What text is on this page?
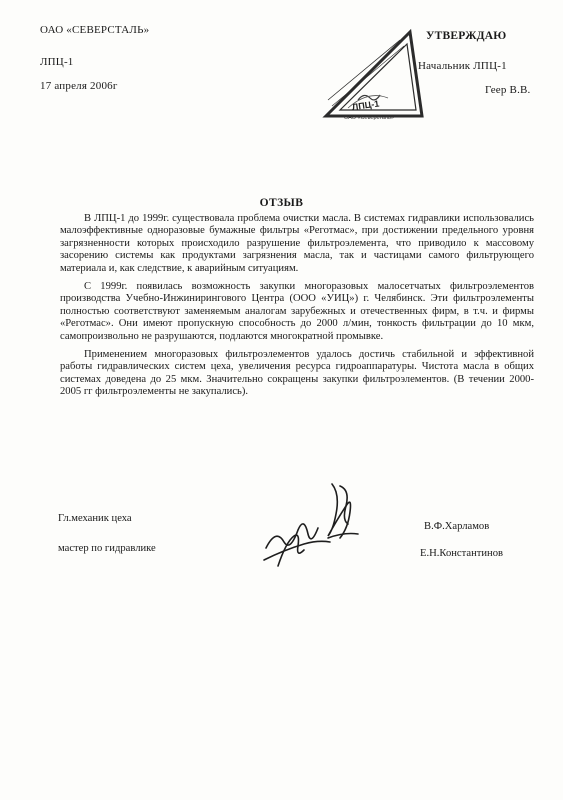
ОАО «СЕВЕРСТАЛЬ»
ЛПЦ-1
17 апреля 2006г
УТВЕРЖДАЮ
Начальник ЛПЦ-1
Геер В.В.
ЛПЦ-1
ОАО «Северсталь»
ОТЗЫВ

В ЛПЦ-1 до 1999г. существовала проблема очистки масла. В системах гидравлики использовались малоэффективные одноразовые бумажные фильтры «Реготмас», при достижении предельного уровня загрязненности которых происходило разрушение фильтроэлемента, что приводило к массовому засорению системы как продуктами загрязнения масла, так и частицами самого фильтрующего материала и, как следствие, к аварийным ситуациям.

С 1999г. появилась возможность закупки многоразовых малосетчатых фильтроэлементов производства Учебно-Инжинирингового Центра (ООО «УИЦ») г. Челябинск. Эти фильтроэлементы полностью соответствуют заменяемым аналогам зарубежных и отечественных фирм, в т.ч. и фирмы «Реготмас». Они имеют пропускную способность до 2000 л/мин, тонкость фильтрации до 10 мкм, самопроизвольно не разрушаются, подлаются многократной промывке.

Применением многоразовых фильтроэлементов удалось достичь стабильной и эффективной работы гидравлических систем цеха, увеличения ресурса гидроаппаратуры. Чистота масла в общих системах доведена до 25 мкм. Значительно сокращены закупки фильтроэлементов. (В течении 2000-2005 гг фильтроэлементы не закупались).

Гл.механик цеха
мастер по гидравлике
В.Ф.Харламов
Е.Н.Константинов
